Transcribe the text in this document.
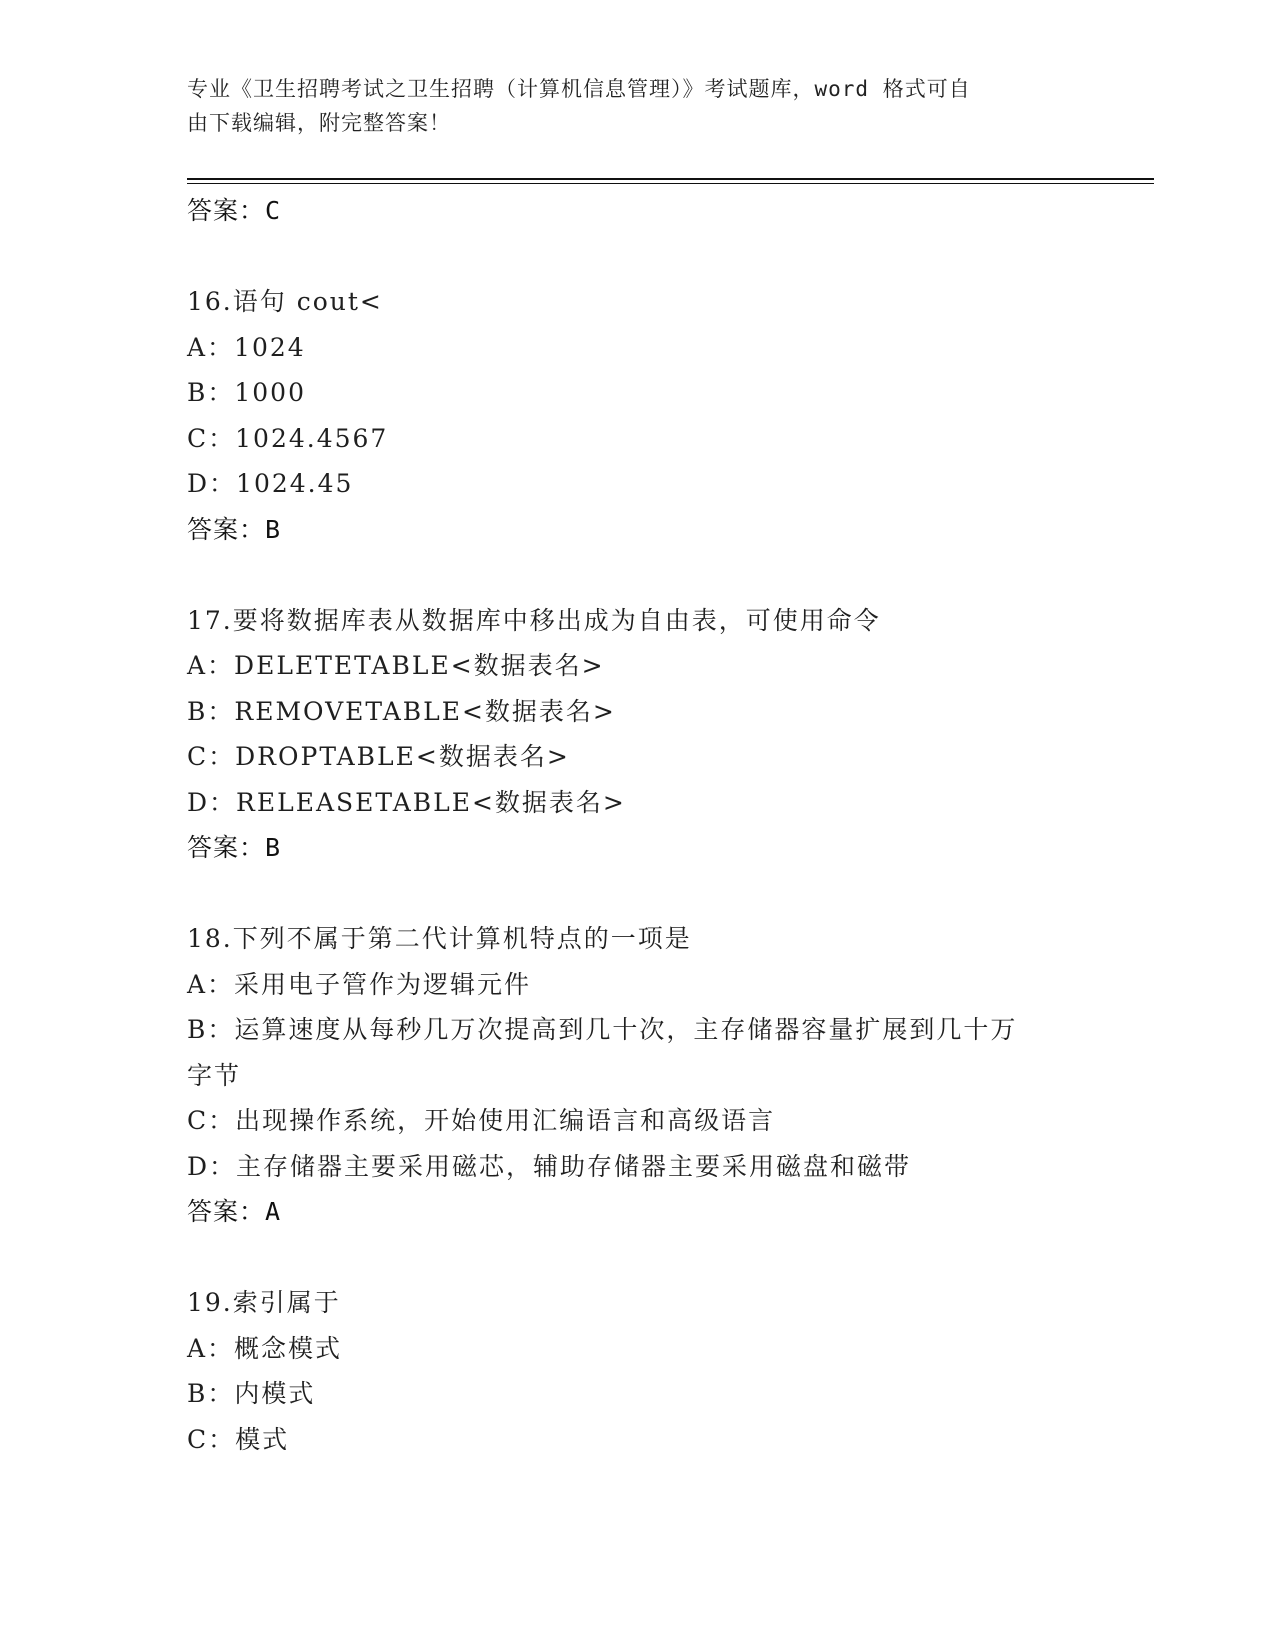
专业《卫生招聘考试之卫生招聘（计算机信息管理）》考试题库，word 格式可自
由下载编辑，附完整答案！
答案：C
16.语句 cout<
A：1024
B：1000
C：1024.4567
D：1024.45
答案：B
17.要将数据库表从数据库中移出成为自由表，可使用命令
A：DELETETABLE<数据表名>
B：REMOVETABLE<数据表名>
C：DROPTABLE<数据表名>
D：RELEASETABLE<数据表名>
答案：B
18.下列不属于第二代计算机特点的一项是
A：采用电子管作为逻辑元件
B：运算速度从每秒几万次提高到几十次，主存储器容量扩展到几十万
字节
C：出现操作系统，开始使用汇编语言和高级语言
D：主存储器主要采用磁芯，辅助存储器主要采用磁盘和磁带
答案：A
19.索引属于
A：概念模式
B：内模式
C：模式
